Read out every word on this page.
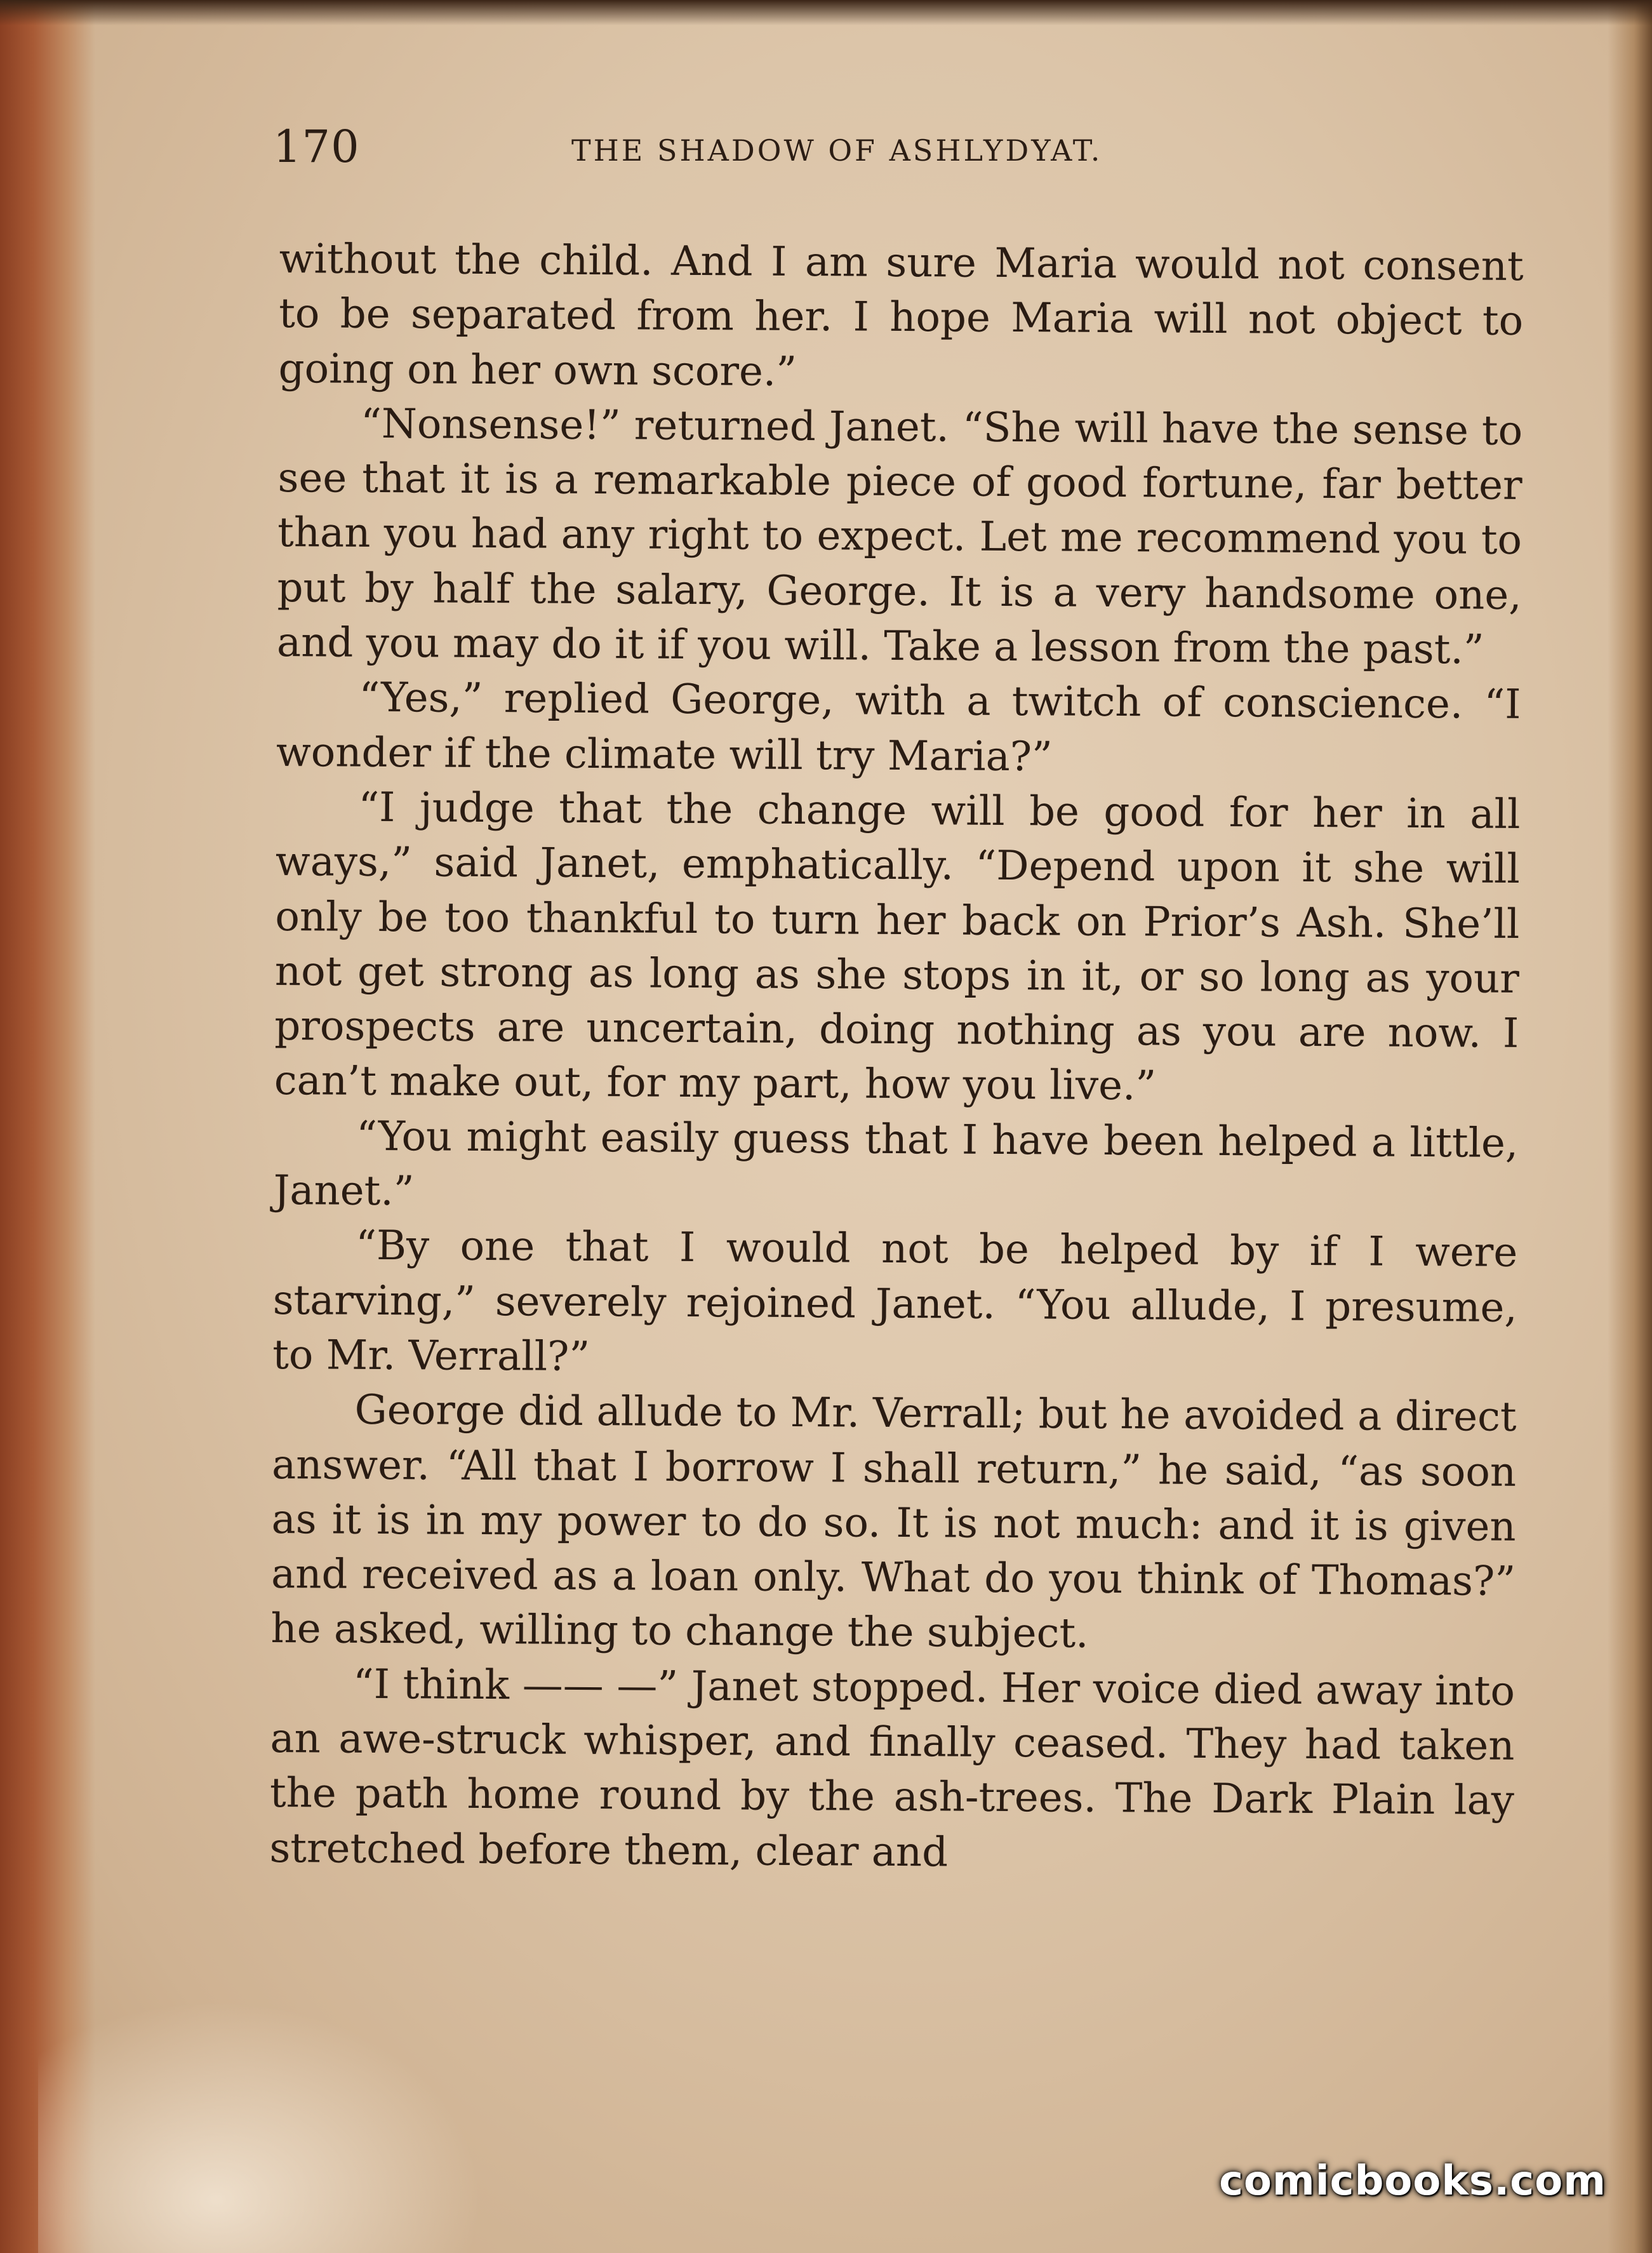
170	THE SHADOW OF ASHLYDYAT.

without the child. And I am sure Maria would not consent to be separated from her. I hope Maria will not object to going on her own score.”

“Nonsense!” returned Janet. “She will have the sense to see that it is a remarkable piece of good fortune, far better than you had any right to expect. Let me recommend you to put by half the salary, George. It is a very handsome one, and you may do it if you will. Take a lesson from the past.”

“Yes,” replied George, with a twitch of conscience. “I wonder if the climate will try Maria?”

“I judge that the change will be good for her in all ways,” said Janet, emphatically. “Depend upon it she will only be too thankful to turn her back on Prior’s Ash. She’ll not get strong as long as she stops in it, or so long as your prospects are uncertain, doing nothing as you are now. I can’t make out, for my part, how you live.”

“You might easily guess that I have been helped a little, Janet.”

“By one that I would not be helped by if I were starving,” severely rejoined Janet. “You allude, I presume, to Mr. Verrall?”

George did allude to Mr. Verrall; but he avoided a direct answer. “All that I borrow I shall return,” he said, “as soon as it is in my power to do so. It is not much: and it is given and received as a loan only. What do you think of Thomas?” he asked, willing to change the subject.

“I think —— —” Janet stopped. Her voice died away into an awe-struck whisper, and finally ceased. They had taken the path home round by the ash-trees. The Dark Plain lay stretched before them, clear and

comicbooks.com
